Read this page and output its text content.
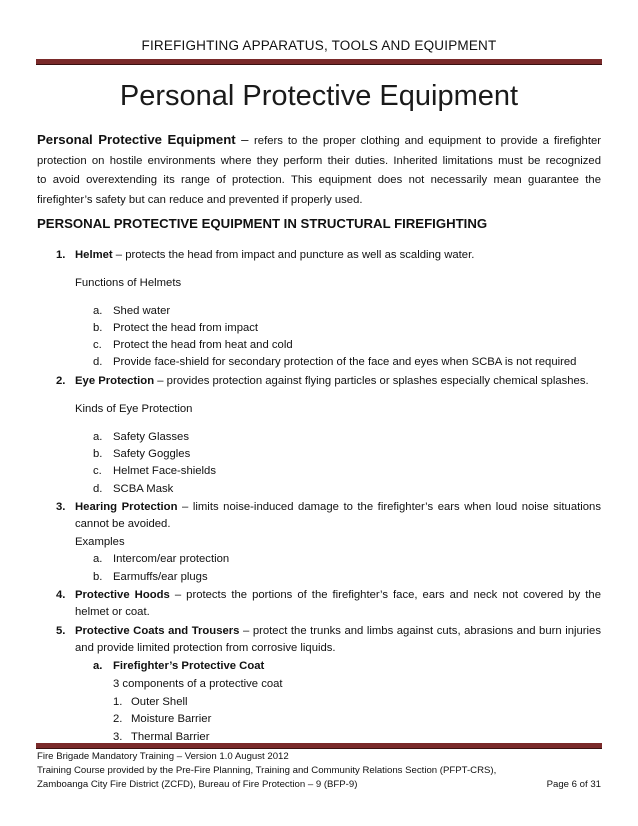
FIREFIGHTING APPARATUS, TOOLS AND EQUIPMENT
Personal Protective Equipment
Personal Protective Equipment – refers to the proper clothing and equipment to provide a firefighter
protection on hostile environments where they perform their duties. Inherited limitations must be recognized
to avoid overextending its range of protection. This equipment does not necessarily mean guarantee the
firefighter’s safety but can reduce and prevented if properly used.
PERSONAL PROTECTIVE EQUIPMENT IN STRUCTURAL FIREFIGHTING
1. Helmet – protects the head from impact and puncture as well as scalding water.
Functions of Helmets
a. Shed water
b. Protect the head from impact
c. Protect the head from heat and cold
d. Provide face-shield for secondary protection of the face and eyes when SCBA is not required
2. Eye Protection – provides protection against flying particles or splashes especially chemical splashes.
Kinds of Eye Protection
a. Safety Glasses
b. Safety Goggles
c. Helmet Face-shields
d. SCBA Mask
3. Hearing Protection – limits noise-induced damage to the firefighter’s ears when loud noise situations
cannot be avoided.
Examples
a. Intercom/ear protection
b. Earmuffs/ear plugs
4. Protective Hoods – protects the portions of the firefighter’s face, ears and neck not covered by the
helmet or coat.
5. Protective Coats and Trousers – protect the trunks and limbs against cuts, abrasions and burn injuries
and provide limited protection from corrosive liquids.
a. Firefighter’s Protective Coat
3 components of a protective coat
1. Outer Shell
2. Moisture Barrier
3. Thermal Barrier
Fire Brigade Mandatory Training – Version 1.0 August 2012
Training Course provided by the Pre-Fire Planning, Training and Community Relations Section (PFPT-CRS),
Zamboanga City Fire District (ZCFD), Bureau of Fire Protection – 9 (BFP-9)	Page 6 of 31
